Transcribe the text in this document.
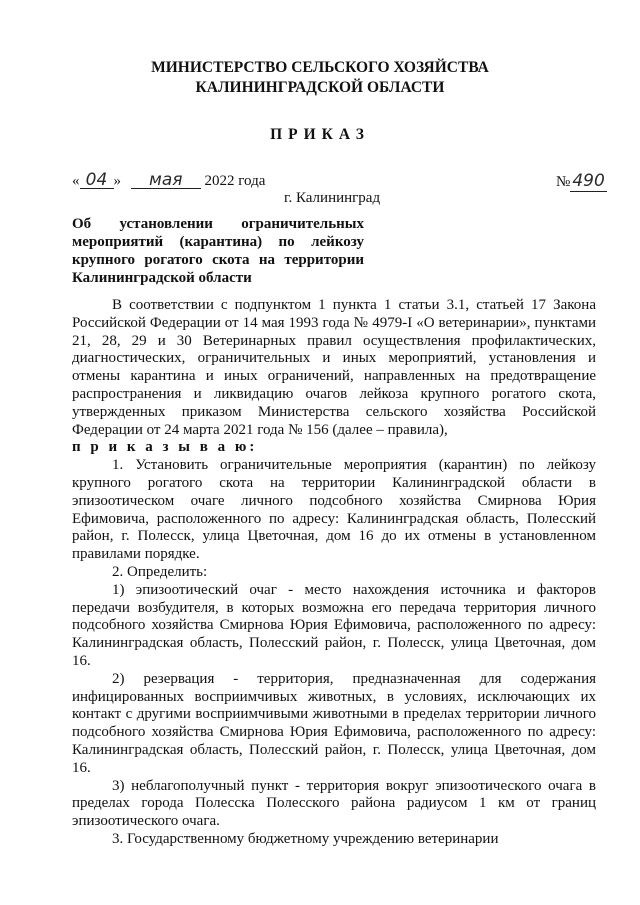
МИНИСТЕРСТВО СЕЛЬСКОГО ХОЗЯЙСТВА
КАЛИНИНГРАДСКОЙ ОБЛАСТИ
ПРИКАЗ
« 04 » мая 2022 года	№ 490
г. Калининград
Об установлении ограничительных мероприятий (карантина) по лейкозу крупного рогатого скота на территории Калининградской области

В соответствии с подпунктом 1 пункта 1 статьи 3.1, статьей 17 Закона Российской Федерации от 14 мая 1993 года № 4979-I «О ветеринарии», пунктами 21, 28, 29 и 30 Ветеринарных правил осуществления профилактических, диагностических, ограничительных и иных мероприятий, установления и отмены карантина и иных ограничений, направленных на предотвращение распространения и ликвидацию очагов лейкоза крупного рогатого скота, утвержденных приказом Министерства сельского хозяйства Российской Федерации от 24 марта 2021 года № 156 (далее – правила),
п р и к а з ы в а ю:

1. Установить ограничительные мероприятия (карантин) по лейкозу крупного рогатого скота на территории Калининградской области в эпизоотическом очаге личного подсобного хозяйства Смирнова Юрия Ефимовича, расположенного по адресу: Калининградская область, Полесский район, г. Полесск, улица Цветочная, дом 16 до их отмены в установленном правилами порядке.

2. Определить:

1) эпизоотический очаг - место нахождения источника и факторов передачи возбудителя, в которых возможна его передача территория личного подсобного хозяйства Смирнова Юрия Ефимовича, расположенного по адресу: Калининградская область, Полесский район, г. Полесск, улица Цветочная, дом 16.

2) резервация - территория, предназначенная для содержания инфицированных восприимчивых животных, в условиях, исключающих их контакт с другими восприимчивыми животными в пределах территории личного подсобного хозяйства Смирнова Юрия Ефимовича, расположенного по адресу: Калининградская область, Полесский район, г. Полесск, улица Цветочная, дом 16.

3) неблагополучный пункт - территория вокруг эпизоотического очага в пределах города Полесска Полесского района радиусом 1 км от границ эпизоотического очага.

3. Государственному бюджетному учреждению ветеринарии
